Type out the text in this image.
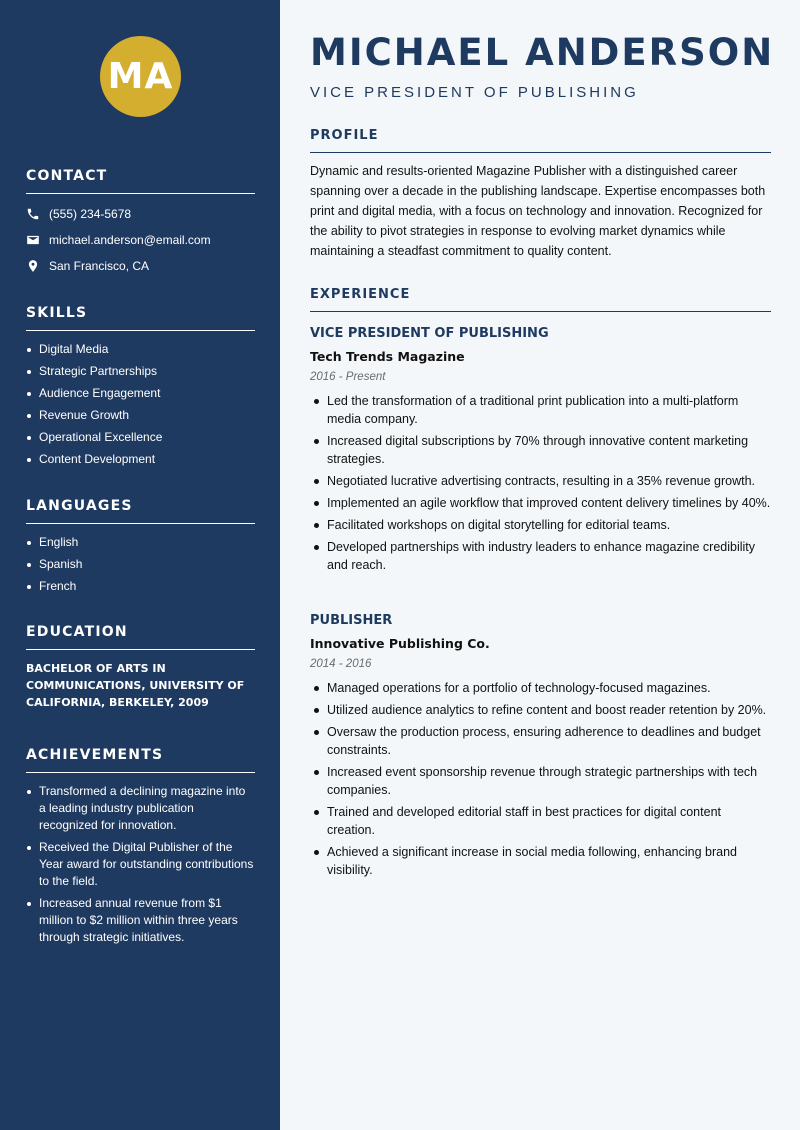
MA
CONTACT
(555) 234-5678
michael.anderson@email.com
San Francisco, CA
SKILLS
Digital Media
Strategic Partnerships
Audience Engagement
Revenue Growth
Operational Excellence
Content Development
LANGUAGES
English
Spanish
French
EDUCATION
BACHELOR OF ARTS IN COMMUNICATIONS, UNIVERSITY OF CALIFORNIA, BERKELEY, 2009
ACHIEVEMENTS
Transformed a declining magazine into a leading industry publication recognized for innovation.
Received the Digital Publisher of the Year award for outstanding contributions to the field.
Increased annual revenue from $1 million to $2 million within three years through strategic initiatives.
MICHAEL ANDERSON
VICE PRESIDENT OF PUBLISHING
PROFILE

Dynamic and results-oriented Magazine Publisher with a distinguished career spanning over a decade in the publishing landscape. Expertise encompasses both print and digital media, with a focus on technology and innovation. Recognized for the ability to pivot strategies in response to evolving market dynamics while maintaining a steadfast commitment to quality content.

EXPERIENCE
VICE PRESIDENT OF PUBLISHING
Tech Trends Magazine
2016 - Present
Led the transformation of a traditional print publication into a multi-platform media company.
Increased digital subscriptions by 70% through innovative content marketing strategies.
Negotiated lucrative advertising contracts, resulting in a 35% revenue growth.
Implemented an agile workflow that improved content delivery timelines by 40%.
Facilitated workshops on digital storytelling for editorial teams.
Developed partnerships with industry leaders to enhance magazine credibility and reach.
PUBLISHER
Innovative Publishing Co.
2014 - 2016
Managed operations for a portfolio of technology-focused magazines.
Utilized audience analytics to refine content and boost reader retention by 20%.
Oversaw the production process, ensuring adherence to deadlines and budget constraints.
Increased event sponsorship revenue through strategic partnerships with tech companies.
Trained and developed editorial staff in best practices for digital content creation.
Achieved a significant increase in social media following, enhancing brand visibility.
